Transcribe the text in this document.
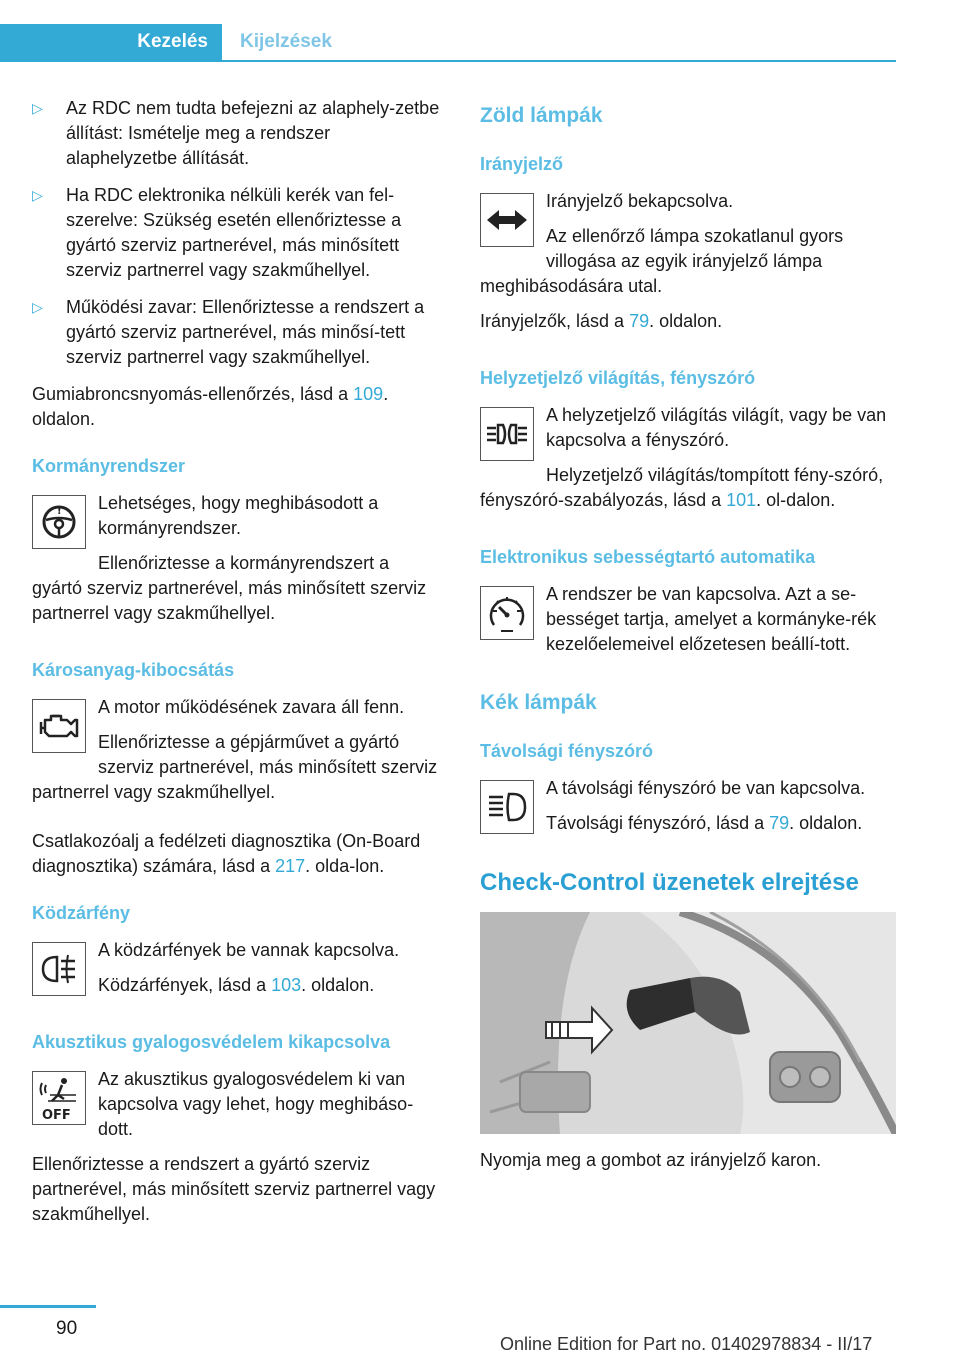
Kezelés	Kijelzések
▷ Az RDC nem tudta befejezni az alaphely‐zetbe állítást: Ismételje meg a rendszer alaphelyzetbe állítását.
▷ Ha RDC elektronika nélküli kerék van fel‐szerelve: Szükség esetén ellenőriztesse a gyártó szerviz partnerével, más minősített szerviz partnerrel vagy szakműhellyel.
▷ Működési zavar: Ellenőriztesse a rendszert a gyártó szerviz partnerével, más minősí‐tett szerviz partnerrel vagy szakműhellyel.

Gumiabroncsnyomás-ellenőrzés, lásd a 109. oldalon.

Kormányrendszer
!	Lehetséges, hogy meghibásodott a kormányrendszer.

Ellenőriztesse a kormányrendszert a gyártó szerviz partnerével, más minősített szerviz partnerrel vagy szakműhellyel.

Károsanyag-kibocsátás

A motor működésének zavara áll fenn.

Ellenőriztesse a gépjárművet a gyártó szerviz partnerével, más minősített szerviz partnerrel vagy szakműhellyel.

Csatlakozóalj a fedélzeti diagnosztika (On-Board diagnosztika) számára, lásd a 217. olda‐lon.

Ködzárfény

A ködzárfények be vannak kapcsolva.

Ködzárfények, lásd a 103. oldalon.

Akusztikus gyalogosvédelem kikapcsolva
OFF

Az akusztikus gyalogosvédelem ki van kapcsolva vagy lehet, hogy meghibáso‐dott.

Ellenőriztesse a rendszert a gyártó szerviz partnerével, más minősített szerviz partnerrel vagy szakműhellyel.

Zöld lámpák
Irányjelző

Irányjelző bekapcsolva.

Az ellenőrző lámpa szokatlanul gyors villogása az egyik irányjelző lámpa meghibásodására utal.

Irányjelzők, lásd a 79. oldalon.

Helyzetjelző világítás, fényszóró

A helyzetjelző világítás világít, vagy be van kapcsolva a fényszóró.

Helyzetjelző világítás/tompított fény‐szóró, fényszóró-szabályozás, lásd a 101. ol‐dalon.

Elektronikus sebességtartó automatika

A rendszer be van kapcsolva. Azt a se‐bességet tartja, amelyet a kormányke‐rék kezelőelemeivel előzetesen beállí‐tott.

Kék lámpák
Távolsági fényszóró

A távolsági fényszóró be van kapcsolva.

Távolsági fényszóró, lásd a 79. oldalon.

Check-Control üzenetek elrejtése

Nyomja meg a gombot az irányjelző karon.

90
Online Edition for Part no. 01402978834 - II/17
